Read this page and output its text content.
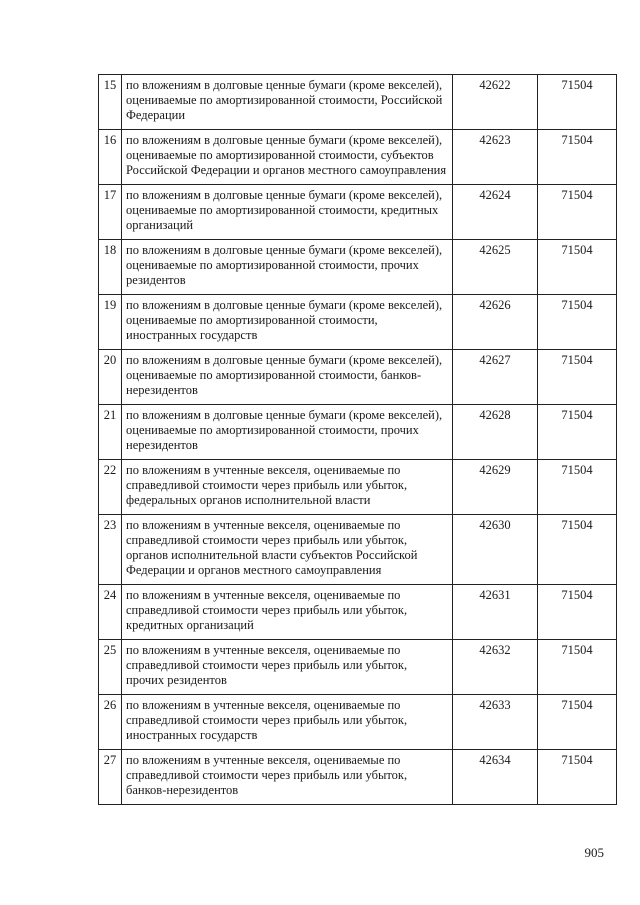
15	по вложениям в долговые ценные бумаги (кроме векселей), оцениваемые по амортизированной стоимости, Российской Федерации	42622	71504
16	по вложениям в долговые ценные бумаги (кроме векселей), оцениваемые по амортизированной стоимости, субъектов Российской Федерации и органов местного самоуправления	42623	71504
17	по вложениям в долговые ценные бумаги (кроме векселей), оцениваемые по амортизированной стоимости, кредитных организаций	42624	71504
18	по вложениям в долговые ценные бумаги (кроме векселей), оцениваемые по амортизированной стоимости, прочих резидентов	42625	71504
19	по вложениям в долговые ценные бумаги (кроме векселей), оцениваемые по амортизированной стоимости, иностранных государств	42626	71504
20	по вложениям в долговые ценные бумаги (кроме векселей), оцениваемые по амортизированной стоимости, банков-нерезидентов	42627	71504
21	по вложениям в долговые ценные бумаги (кроме векселей), оцениваемые по амортизированной стоимости, прочих нерезидентов	42628	71504
22	по вложениям в учтенные векселя, оцениваемые по справедливой стоимости через прибыль или убыток, федеральных органов исполнительной власти	42629	71504
23	по вложениям в учтенные векселя, оцениваемые по справедливой стоимости через прибыль или убыток, органов исполнительной власти субъектов Российской Федерации и органов местного самоуправления	42630	71504
24	по вложениям в учтенные векселя, оцениваемые по справедливой стоимости через прибыль или убыток, кредитных организаций	42631	71504
25	по вложениям в учтенные векселя, оцениваемые по справедливой стоимости через прибыль или убыток, прочих резидентов	42632	71504
26	по вложениям в учтенные векселя, оцениваемые по справедливой стоимости через прибыль или убыток, иностранных государств	42633	71504
27	по вложениям в учтенные векселя, оцениваемые по справедливой стоимости через прибыль или убыток, банков-нерезидентов	42634	71504
905
